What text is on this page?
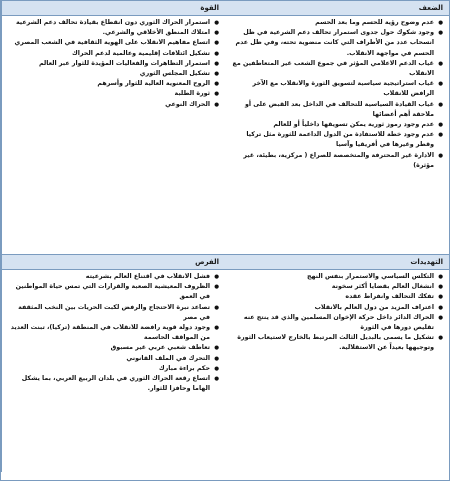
القوة
● استمرار الحراك الثوري دون انقطاع بقيادة تحالف دعم الشرعية
● امتلاك المنطق الأخلاقي والشرعي.
● اتساع مفاهيم الانقلاب على الهوية الثقافية في الشعب المصري
● تشكيل ائتلافات إقليمية وعالمية لدعم الحراك
● استمرار التظاهرات والفعاليات المؤيدة للثوار عبر العالم
● تشكيل المجلس الثوري
● الروح المعنوية العالية للثوار وأسرهم
● ثورة الطلبة
● الحراك النوعي
الضعف
● عدم وضوح رؤية للحسم وما بعد الحسم
● وجود شكوك حول جدوى استمرار تحالف دعم الشرعية في ظل انسحاب عدد من الأطراف التي كانت منضوية تحته، وفي ظل عدم الحسم في مواجهة الانقلاب.
● غياب الدعم الاعلامي المؤثر في جموع الشعب غير المتعاطفين مع الانقلاب
● غياب استراتيجية سياسية لتسويق الثورة والانقلاب مع الآخر الرافض للانقلاب
● غياب القيادة السياسية للتحالف في الداخل بعد القبض على أو ملاحقة أهم أعضائها
● عدم وجود رموز ثورية يمكن تسويقها داخلياً أو للعالم
● عدم وجود خطة للاستفادة من الدول الداعمة للثورة مثل تركيا وقطر وغيرها في أفريقيا وآسيا
● الادارة غير المحترفة والمتخصصة للصراع ( مركزية، بطيئة، غير مؤثرة)
الفرص
● فشل الانقلاب في اقتناع العالم بشرعيته
● الظروف المعيشية الصعبة والقرارات التي تمس حياة المواطنين في العمق
● تصاعد نبرة الاحتجاج والرفض لكبت الحريات بين النخب المثقفة في مصر
● وجود دولة قوية رافضة للانقلاب في المنطقة (تركيا)، تبنت العديد من المواقف الحاسمة
● تعاطف شعبي عربي غير مسبوق
● التحرك في الملف القانوني
● حكم براءة مبارك
● اتساع رقعة الحراك الثوري في بلدان الربيع العربي، بما يشكل الهاما وحافزا للثوار.
التهديدات
● التكلس السياسي والاستمرار بنفس النهج
● انشغال العالم بقضايا أكثر سخونة
● تفكك التحالف وانفراط عقده
● اعتراف المزيد من دول العالم بالانقلاب
● الحراك الدائر داخل حركة الإخوان المسلمين والذي قد ينتج عنه تقليص دورها في الثورة
● تشكيل ما يسمى بالبديل الثالث المرتبط بالخارج لاستيعاب الثورة وتوجيهها بعيداً عن الاستقلالية.
